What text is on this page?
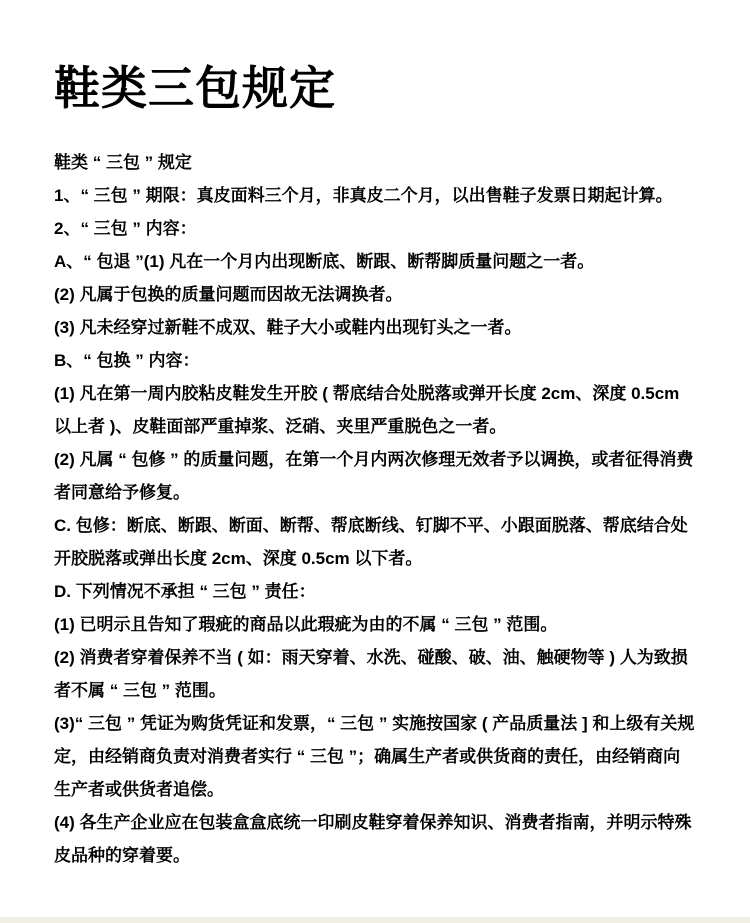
鞋类三包规定

鞋类 “ 三包 ” 规定

1、“ 三包 ” 期限：真皮面料三个月，非真皮二个月，以出售鞋子发票日期起计算。

2、“ 三包 ” 内容：

A、“ 包退 ”(1) 凡在一个月内出现断底、断跟、断帮脚质量问题之一者。

(2) 凡属于包换的质量问题而因故无法调换者。

(3) 凡未经穿过新鞋不成双、鞋子大小或鞋内出现钉头之一者。

B、“ 包换 ” 内容：

(1) 凡在第一周内胶粘皮鞋发生开胶 ( 帮底结合处脱落或弹开长度 2cm、深度 0.5cm 以上者 )、皮鞋面部严重掉浆、泛硝、夹里严重脱色之一者。

(2) 凡属 “ 包修 ” 的质量问题，在第一个月内两次修理无效者予以调换，或者征得消费者同意给予修复。

C. 包修：断底、断跟、断面、断帮、帮底断线、钉脚不平、小跟面脱落、帮底结合处开胶脱落或弹出长度 2cm、深度 0.5cm 以下者。

D. 下列情况不承担 “ 三包 ” 责任：

(1) 已明示且告知了瑕疵的商品以此瑕疵为由的不属 “ 三包 ” 范围。

(2) 消费者穿着保养不当 ( 如：雨天穿着、水洗、碰酸、破、油、触硬物等 ) 人为致损者不属 “ 三包 ” 范围。

(3)“ 三包 ” 凭证为购货凭证和发票，“ 三包 ” 实施按国家 ( 产品质量法 ] 和上级有关规定，由经销商负责对消费者实行 “ 三包 ”；确属生产者或供货商的责任，由经销商向生产者或供货者追偿。

(4) 各生产企业应在包装盒盒底统一印刷皮鞋穿着保养知识、消费者指南，并明示特殊皮品种的穿着要。
